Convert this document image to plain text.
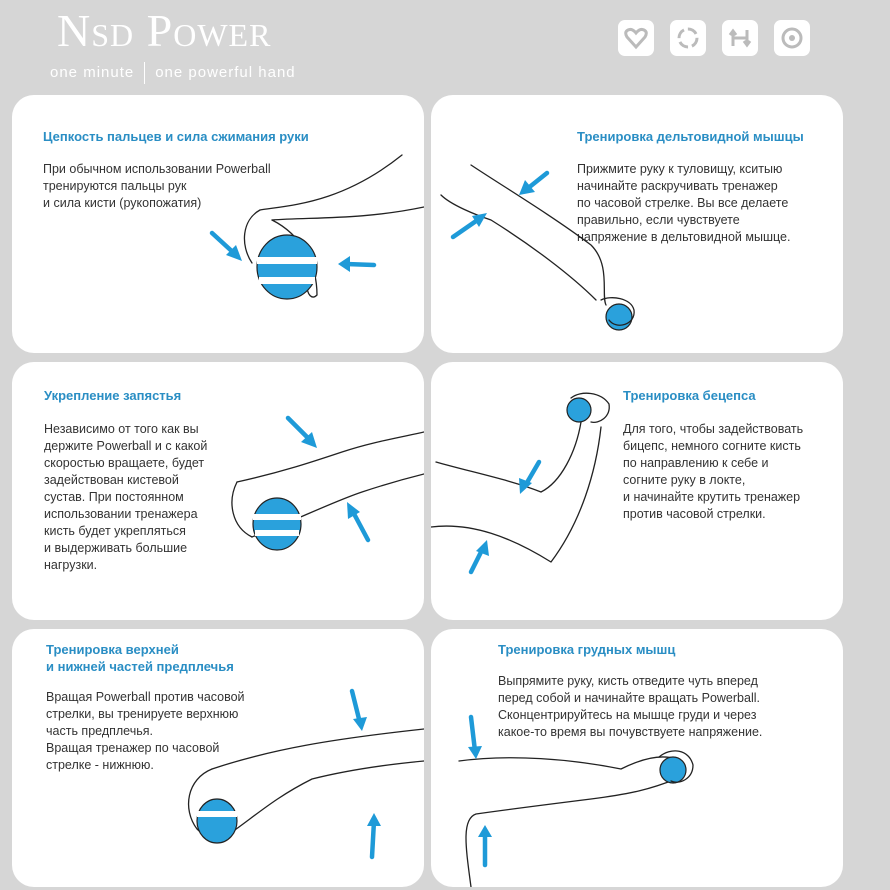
Nsd Power
one minute one powerful hand
Цепкость пальцев и сила сжимания руки
При обычном использовании Powerball
тренируются пальцы рук
и сила кисти (рукопожатия)
Тренировка дельтовидной мышцы
Прижмите руку к туловищу, кситыю
начинайте раскручивать тренажер
по часовой стрелке. Вы все делаете
правильно, если чувствуете
напряжение в дельтовидной мышце.
Укрепление запястья
Независимо от того как вы
держите Powerball и с какой
скоростью вращаете, будет
задействован кистевой
сустав. При постоянном
использовании тренажера
кисть будет укрепляться
и выдерживать большие
нагрузки.
Тренировка бецепса
Для того, чтобы задействовать
бицепс, немного согните кисть
по направлению к себе и
согните руку в локте,
и начинайте крутить тренажер
против часовой стрелки.
Тренировка верхней
и нижней частей предплечья
Вращая Powerball против часовой
стрелки, вы тренируете верхнюю
часть предплечья.
Вращая тренажер по часовой
стрелке - нижнюю.
Тренировка грудных мышц
Выпрямите руку, кисть отведите чуть вперед
перед собой и начинайте вращать Powerball.
Сконцентрируйтесь на мышце груди и через
какое-то время вы почувствуете напряжение.
